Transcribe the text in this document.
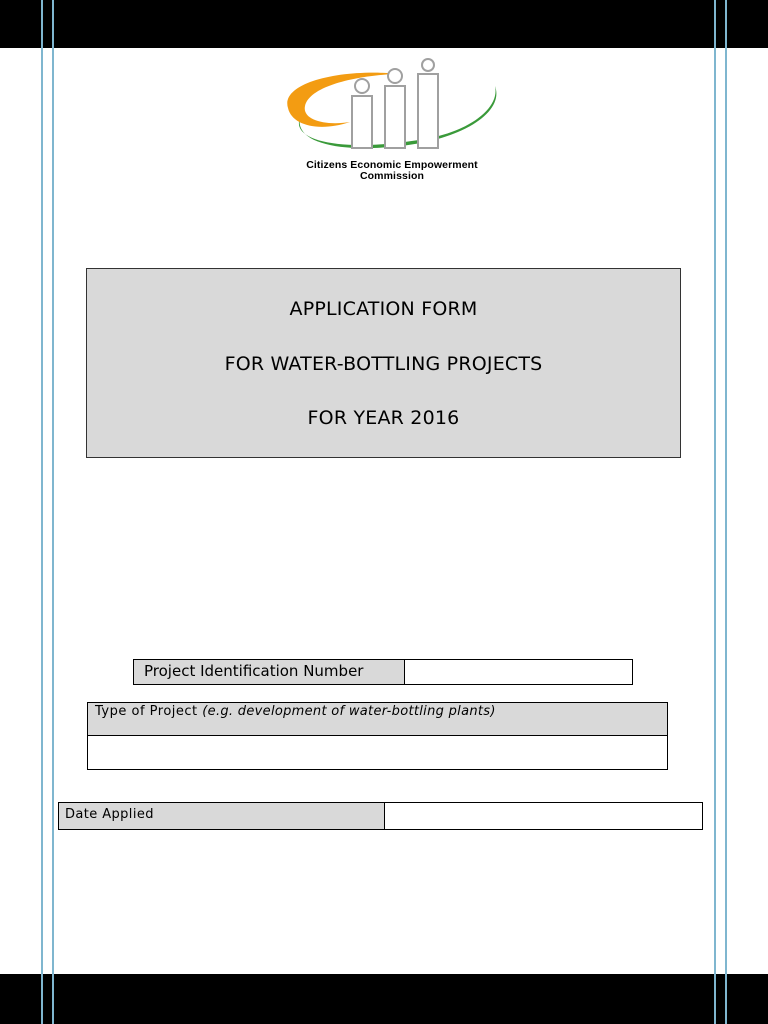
Citizens Economic Empowerment
Commission
APPLICATION FORM
FOR WATER-BOTTLING PROJECTS
FOR YEAR 2016
Project Identification Number
Type of Project (e.g. development of water-bottling plants)
Date Applied
